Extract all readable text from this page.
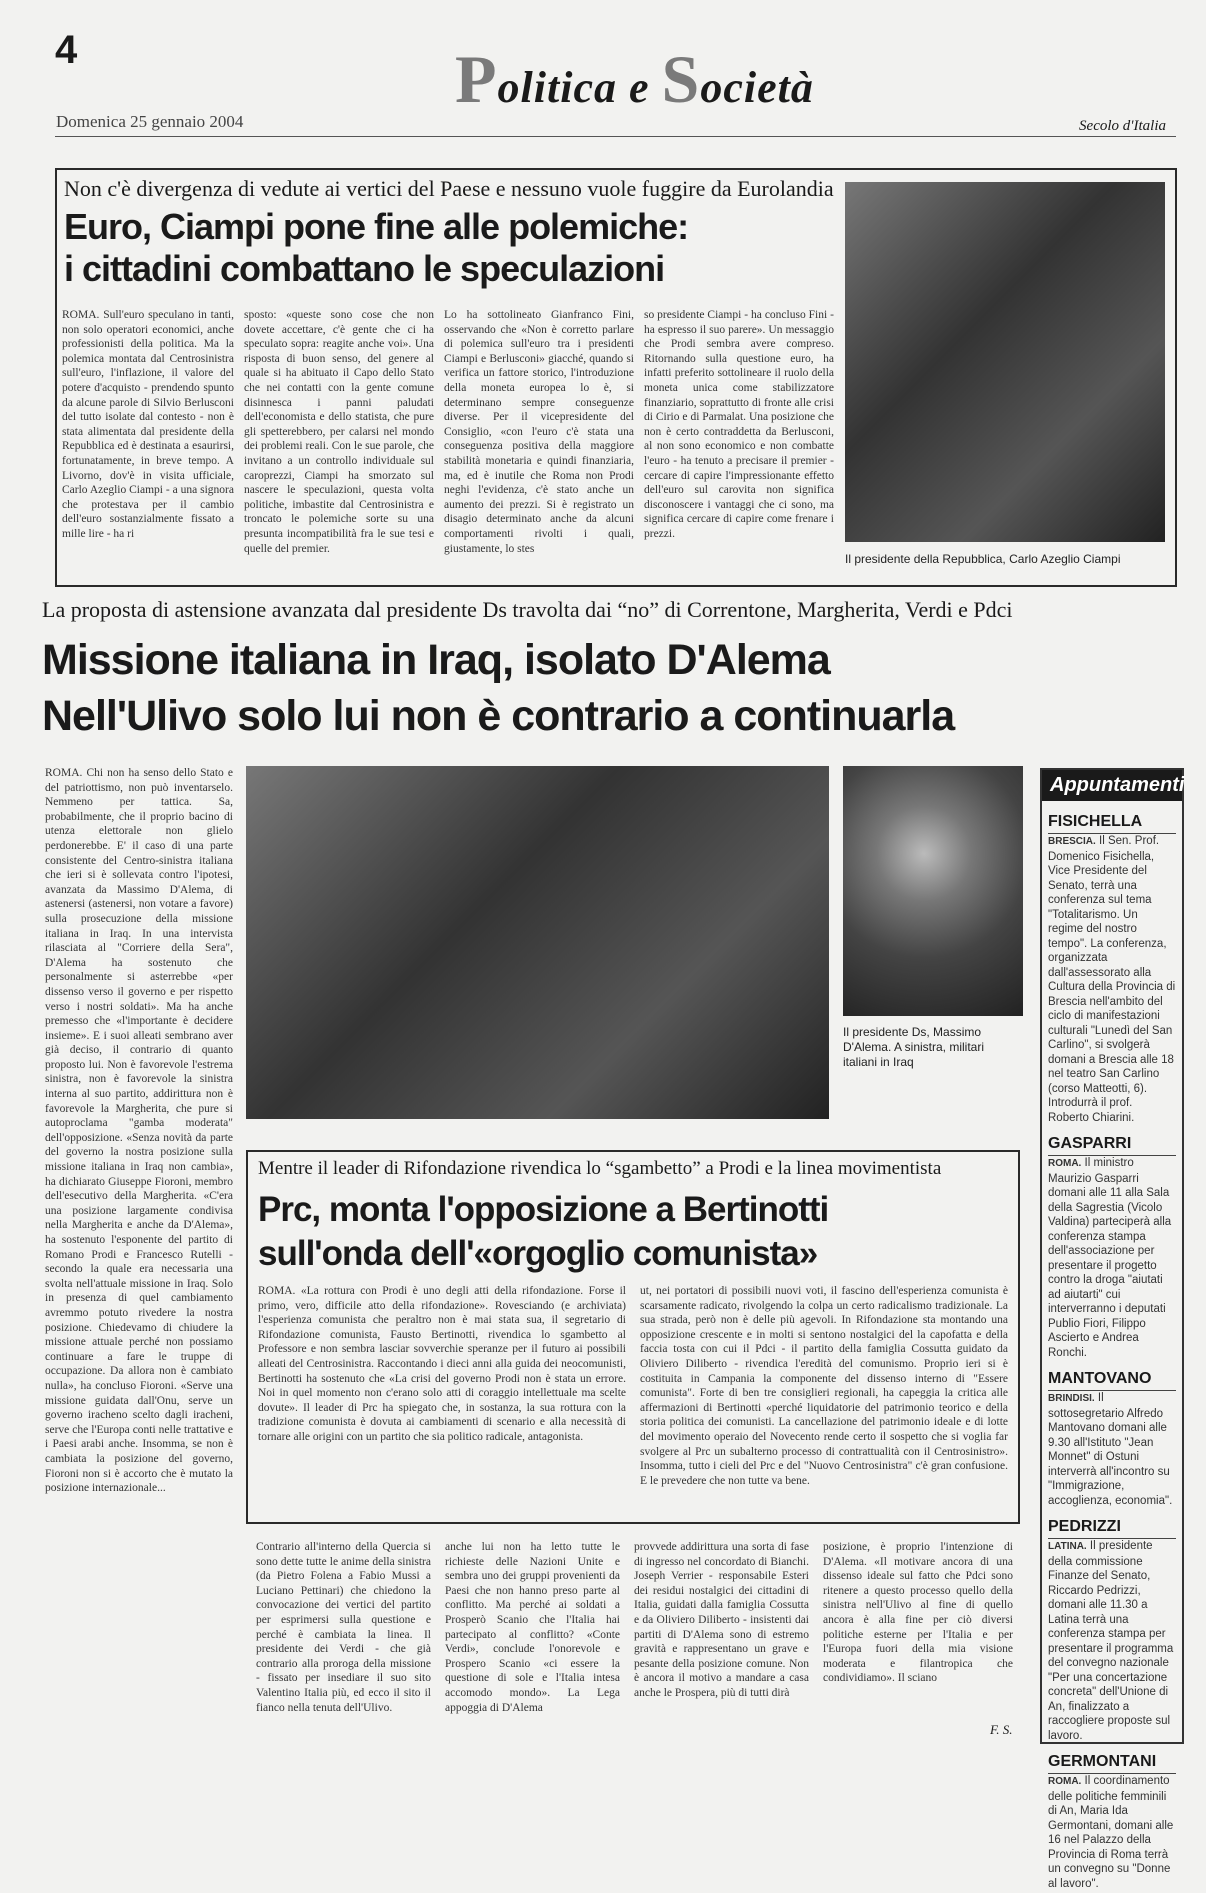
4	Politica e Società
Domenica 25 gennaio 2004	Secolo d'Italia
Non c'è divergenza di vedute ai vertici del Paese e nessuno vuole fuggire da Eurolandia
Euro, Ciampi pone fine alle polemiche:
i cittadini combattano le speculazioni
ROMA. Sull'euro speculano in tanti, non solo operatori economici, anche professionisti della politica. Ma la polemica montata dal Centrosinistra sull'euro, l'inflazione, il valore del potere d'acquisto - prendendo spunto da alcune parole di Silvio Berlusconi del tutto isolate dal contesto - non è stata alimentata dal presidente della Repubblica ed è destinata a esaurirsi, fortunatamente, in breve tempo. A Livorno, dov'è in visita ufficiale, Carlo Azeglio Ciampi - a una signora che protestava per il cambio dell'euro sostanzialmente fissato a mille lire - ha ri
sposto: «queste sono cose che non dovete accettare, c'è gente che ci ha speculato sopra: reagite anche voi». Una risposta di buon senso, del genere al quale si ha abituato il Capo dello Stato che nei contatti con la gente comune disinnesca i panni paludati dell'economista e dello statista, che pure gli spetterebbero, per calarsi nel mondo dei problemi reali. Con le sue parole, che invitano a un controllo individuale sul caroprezzi, Ciampi ha smorzato sul nascere le speculazioni, questa volta politiche, imbastite dal Centrosinistra e troncato le polemiche sorte su una presunta incompatibilità fra le sue tesi e quelle del premier.
Lo ha sottolineato Gianfranco Fini, osservando che «Non è corretto parlare di polemica sull'euro tra i presidenti Ciampi e Berlusconi» giacché, quando si verifica un fattore storico, l'introduzione della moneta europea lo è, si determinano sempre conseguenze diverse. Per il vicepresidente del Consiglio, «con l'euro c'è stata una conseguenza positiva della maggiore stabilità monetaria e quindi finanziaria, ma, ed è inutile che Roma non Prodi neghi l'evidenza, c'è stato anche un aumento dei prezzi. Si è registrato un disagio determinato anche da alcuni comportamenti rivolti i quali, giustamente, lo stes
so presidente Ciampi - ha concluso Fini - ha espresso il suo parere». Un messaggio che Prodi sembra avere compreso. Ritornando sulla questione euro, ha infatti preferito sottolineare il ruolo della moneta unica come stabilizzatore finanziario, soprattutto di fronte alle crisi di Cirio e di Parmalat. Una posizione che non è certo contraddetta da Berlusconi, al non sono economico e non combatte l'euro - ha tenuto a precisare il premier - cercare di capire l'impressionante effetto dell'euro sul carovita non significa disconoscere i vantaggi che ci sono, ma significa cercare di capire come frenare i prezzi.
Il presidente della Repubblica, Carlo Azeglio Ciampi
La proposta di astensione avanzata dal presidente Ds travolta dai “no” di Correntone, Margherita, Verdi e Pdci
Missione italiana in Iraq, isolato D'Alema
Nell'Ulivo solo lui non è contrario a continuarla
ROMA. Chi non ha senso dello Stato e del patriottismo, non può inventarselo. Nemmeno per tattica. Sa, probabilmente, che il proprio bacino di utenza elettorale non glielo perdonerebbe. E' il caso di una parte consistente del Centro-sinistra italiana che ieri si è sollevata contro l'ipotesi, avanzata da Massimo D'Alema, di astenersi (astenersi, non votare a favore) sulla prosecuzione della missione italiana in Iraq. In una intervista rilasciata al "Corriere della Sera", D'Alema ha sostenuto che personalmente si asterrebbe «per dissenso verso il governo e per rispetto verso i nostri soldati». Ma ha anche premesso che «l'importante è decidere insieme». E i suoi alleati sembrano aver già deciso, il contrario di quanto proposto lui. Non è favorevole l'estrema sinistra, non è favorevole la sinistra interna al suo partito, addirittura non è favorevole la Margherita, che pure si autoproclama "gamba moderata" dell'opposizione. «Senza novità da parte del governo la nostra posizione sulla missione italiana in Iraq non cambia», ha dichiarato Giuseppe Fioroni, membro dell'esecutivo della Margherita. «C'era una posizione largamente condivisa nella Margherita e anche da D'Alema», ha sostenuto l'esponente del partito di Romano Prodi e Francesco Rutelli - secondo la quale era necessaria una svolta nell'attuale missione in Iraq. Solo in presenza di quel cambiamento avremmo potuto rivedere la nostra posizione. Chiedevamo di chiudere la missione attuale perché non possiamo continuare a fare le truppe di occupazione. Da allora non è cambiato nulla», ha concluso Fioroni. «Serve una missione guidata dall'Onu, serve un governo iracheno scelto dagli iracheni, serve che l'Europa conti nelle trattative e i Paesi arabi anche. Insomma, se non è cambiata la posizione del governo, Fioroni non si è accorto che è mutato la posizione internazionale...
Il presidente Ds, Massimo D'Alema. A sinistra, militari italiani in Iraq
Mentre il leader di Rifondazione rivendica lo “sgambetto” a Prodi e la linea movimentista
Prc, monta l'opposizione a Bertinotti
sull'onda dell'«orgoglio comunista»
ROMA. «La rottura con Prodi è uno degli atti della rifondazione. Forse il primo, vero, difficile atto della rifondazione». Rovesciando (e archiviata) l'esperienza comunista che peraltro non è mai stata sua, il segretario di Rifondazione comunista, Fausto Bertinotti, rivendica lo sgambetto al Professore e non sembra lasciar sovverchie speranze per il futuro ai possibili alleati del Centrosinistra. Raccontando i dieci anni alla guida dei neocomunisti, Bertinotti ha sostenuto che «La crisi del governo Prodi non è stata un errore. Noi in quel momento non c'erano solo atti di coraggio intellettuale ma scelte dovute». Il leader di Prc ha spiegato che, in sostanza, la sua rottura con la tradizione comunista è dovuta ai cambiamenti di scenario e alla necessità di tornare alle origini con un partito che sia politico radicale, antagonista.
ut, nei portatori di possibili nuovi voti, il fascino dell'esperienza comunista è scarsamente radicato, rivolgendo la colpa un certo radicalismo tradizionale. La sua strada, però non è delle più agevoli. In Rifondazione sta montando una opposizione crescente e in molti si sentono nostalgici del la capofatta e della faccia tosta con cui il Pdci - il partito della famiglia Cossutta guidato da Oliviero Diliberto - rivendica l'eredità del comunismo. Proprio ieri si è costituita in Campania la componente del dissenso interno di "Essere comunista". Forte di ben tre consiglieri regionali, ha capeggia la critica alle affermazioni di Bertinotti «perché liquidatorie del patrimonio teorico e della storia politica dei comunisti. La cancellazione del patrimonio ideale e di lotte del movimento operaio del Novecento rende certo il sospetto che si voglia far svolgere al Prc un subalterno processo di contrattualità con il Centrosinistro». Insomma, tutto i cieli del Prc e del "Nuovo Centrosinistra" c'è gran confusione. E le prevedere che non tutte va bene.
Contrario all'interno della Quercia si sono dette tutte le anime della sinistra (da Pietro Folena a Fabio Mussi a Luciano Pettinari) che chiedono la convocazione dei vertici del partito per esprimersi sulla questione e perché è cambiata la linea. Il presidente dei Verdi - che già contrario alla proroga della missione - fissato per insediare il suo sito Valentino Italia più, ed ecco il sito il fianco nella tenuta dell'Ulivo.
anche lui non ha letto tutte le richieste delle Nazioni Unite e sembra uno dei gruppi provenienti da Paesi che non hanno preso parte al conflitto. Ma perché ai soldati a Prosperò Scanio che l'Italia hai partecipato al conflitto? «Conte Verdi», conclude l'onorevole e Prospero Scanio «ci essere la questione di sole e l'Italia intesa accomodo mondo». La Lega appoggia di D'Alema
provvede addirittura una sorta di fase di ingresso nel concordato di Bianchi. Joseph Verrier - responsabile Esteri dei residui nostalgici dei cittadini di Italia, guidati dalla famiglia Cossutta e da Oliviero Diliberto - insistenti dai partiti di D'Alema sono di estremo gravità e rappresentano un grave e pesante della posizione comune. Non è ancora il motivo a mandare a casa anche le Prospera, più di tutti dirà
posizione, è proprio l'intenzione di D'Alema. «Il motivare ancora di una dissenso ideale sul fatto che Pdci sono ritenere a questo processo quello della sinistra nell'Ulivo al fine di quello ancora è alla fine per ciò diversi politiche esterne per l'Italia e per l'Europa fuori della mia visione moderata e filantropica che condividiamo». Il sciano
F. S.
Appuntamenti
FISICHELLA
BRESCIA. Il Sen. Prof. Domenico Fisichella, Vice Presidente del Senato, terrà una conferenza sul tema "Totalitarismo. Un regime del nostro tempo". La conferenza, organizzata dall'assessorato alla Cultura della Provincia di Brescia nell'ambito del ciclo di manifestazioni culturali "Lunedì del San Carlino", si svolgerà domani a Brescia alle 18 nel teatro San Carlino (corso Matteotti, 6). Introdurrà il prof. Roberto Chiarini.
GASPARRI
ROMA. Il ministro Maurizio Gasparri domani alle 11 alla Sala della Sagrestia (Vicolo Valdina) parteciperà alla conferenza stampa dell'associazione per presentare il progetto contro la droga "aiutati ad aiutarti" cui interverranno i deputati Publio Fiori, Filippo Ascierto e Andrea Ronchi.
MANTOVANO
BRINDISI. Il sottosegretario Alfredo Mantovano domani alle 9.30 all'Istituto "Jean Monnet" di Ostuni interverrà all'incontro su "Immigrazione, accoglienza, economia".
PEDRIZZI
LATINA. Il presidente della commissione Finanze del Senato, Riccardo Pedrizzi, domani alle 11.30 a Latina terrà una conferenza stampa per presentare il programma del convegno nazionale "Per una concertazione concreta" dell'Unione di An, finalizzato a raccogliere proposte sul lavoro.
GERMONTANI
ROMA. Il coordinamento delle politiche femminili di An, Maria Ida Germontani, domani alle 16 nel Palazzo della Provincia di Roma terrà un convegno su "Donne al lavoro".
